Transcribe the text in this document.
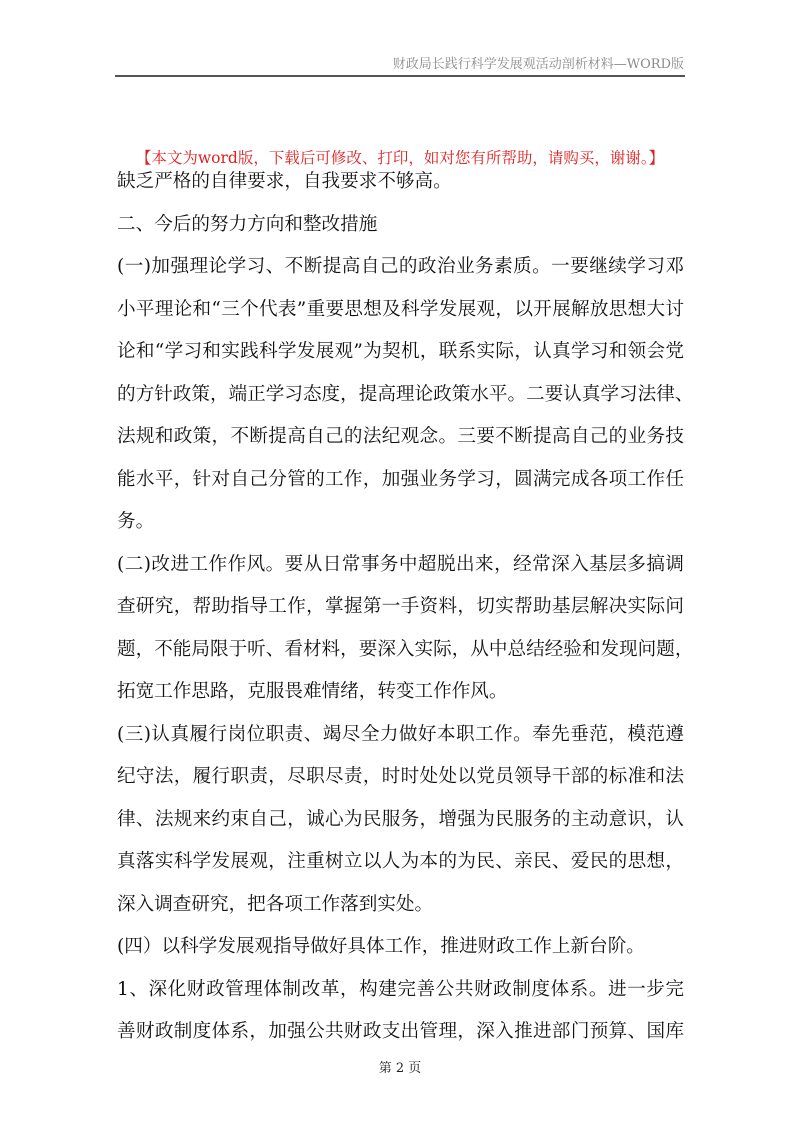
财政局长践行科学发展观活动剖析材料—WORD版
【本文为word版，下载后可修改、打印，如对您有所帮助，请购买，谢谢。】
缺乏严格的自律要求，自我要求不够高。
二、今后的努力方向和整改措施
(一)加强理论学习、不断提高自己的政治业务素质。一要继续学习邓
小平理论和“三个代表”重要思想及科学发展观，以开展解放思想大讨
论和“学习和实践科学发展观”为契机，联系实际，认真学习和领会党
的方针政策，端正学习态度，提高理论政策水平。二要认真学习法律、
法规和政策，不断提高自己的法纪观念。三要不断提高自己的业务技
能水平，针对自己分管的工作，加强业务学习，圆满完成各项工作任
务。
(二)改进工作作风。要从日常事务中超脱出来，经常深入基层多搞调
查研究，帮助指导工作，掌握第一手资料，切实帮助基层解决实际问
题，不能局限于听、看材料，要深入实际，从中总结经验和发现问题，
拓宽工作思路，克服畏难情绪，转变工作作风。
(三)认真履行岗位职责、竭尽全力做好本职工作。奉先垂范，模范遵
纪守法，履行职责，尽职尽责，时时处处以党员领导干部的标准和法
律、法规来约束自己，诚心为民服务，增强为民服务的主动意识，认
真落实科学发展观，注重树立以人为本的为民、亲民、爱民的思想，
深入调查研究，把各项工作落到实处。
(四）以科学发展观指导做好具体工作，推进财政工作上新台阶。
1、深化财政管理体制改革，构建完善公共财政制度体系。进一步完
善财政制度体系，加强公共财政支出管理，深入推进部门预算、国库
第 2 页
